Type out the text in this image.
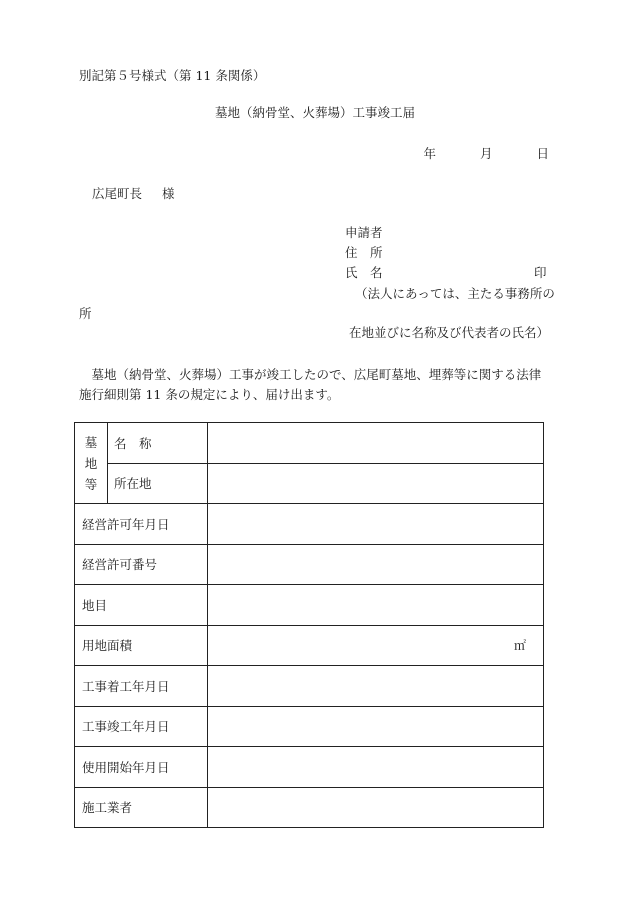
別記第５号様式（第 11 条関係）
墓地（納骨堂、火葬場）工事竣工届
年	月	日
広尾町長 様
申請者
住　所
氏　名	印
（法人にあっては、主たる事務所の
所
在地並びに名称及び代表者の氏名）
墓地（納骨堂、火葬場）工事が竣工したので、広尾町墓地、埋葬等に関する法律施行細則第 11 条の規定により、届け出ます。
墓
地
等	名　称	
	所在地	
経営許可年月日		
経営許可番号		
地目		
用地面積		㎡

工事着工年月日		
工事竣工年月日		
使用開始年月日		
施工業者		
